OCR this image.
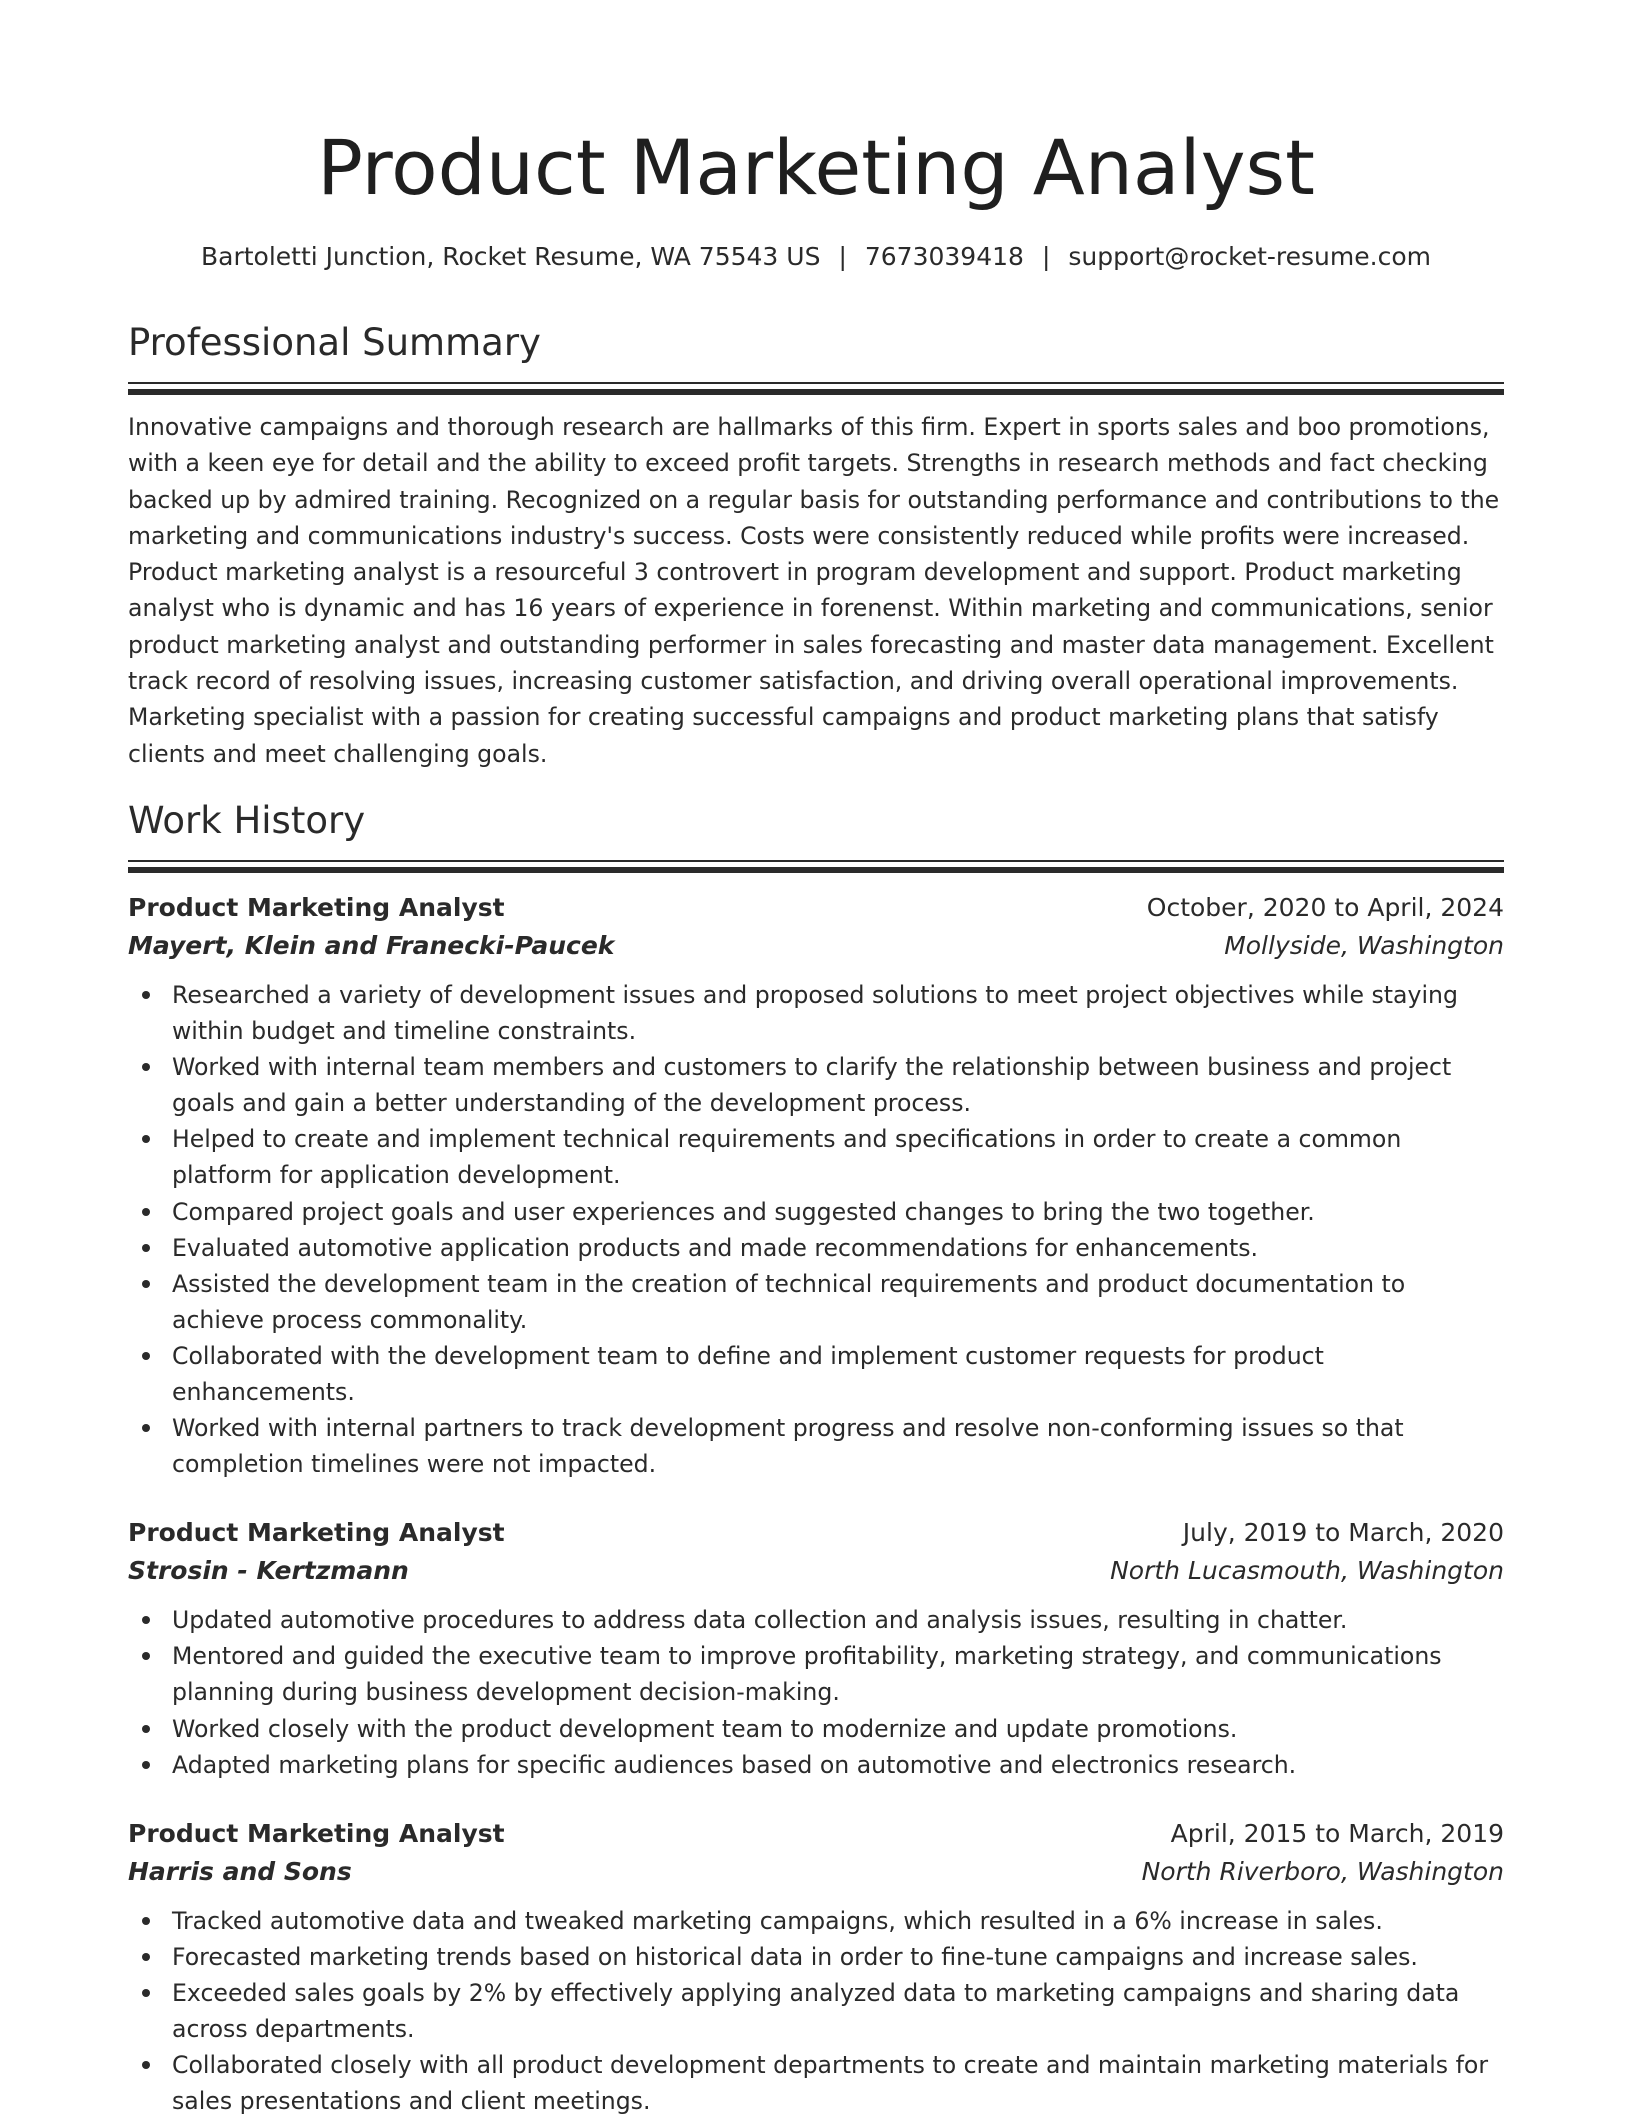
Product Marketing Analyst
Bartoletti Junction, Rocket Resume, WA 75543 US | 7673039418 | support@rocket-resume.com
Professional Summary

Innovative campaigns and thorough research are hallmarks of this firm. Expert in sports sales and boo promotions, with a keen eye for detail and the ability to exceed profit targets. Strengths in research methods and fact checking backed up by admired training. Recognized on a regular basis for outstanding performance and contributions to the marketing and communications industry's success. Costs were consistently reduced while profits were increased. Product marketing analyst is a resourceful 3 controvert in program development and support. Product marketing analyst who is dynamic and has 16 years of experience in forenenst. Within marketing and communications, senior product marketing analyst and outstanding performer in sales forecasting and master data management. Excellent track record of resolving issues, increasing customer satisfaction, and driving overall operational improvements. Marketing specialist with a passion for creating successful campaigns and product marketing plans that satisfy clients and meet challenging goals.

Work History
Product Marketing Analyst	October, 2020 to April, 2024
Mayert, Klein and Franecki-Paucek	Mollyside, Washington
Researched a variety of development issues and proposed solutions to meet project objectives while staying within budget and timeline constraints.
Worked with internal team members and customers to clarify the relationship between business and project goals and gain a better understanding of the development process.
Helped to create and implement technical requirements and specifications in order to create a common platform for application development.
Compared project goals and user experiences and suggested changes to bring the two together.
Evaluated automotive application products and made recommendations for enhancements.
Assisted the development team in the creation of technical requirements and product documentation to achieve process commonality.
Collaborated with the development team to define and implement customer requests for product enhancements.
Worked with internal partners to track development progress and resolve non-conforming issues so that completion timelines were not impacted.
Product Marketing Analyst	July, 2019 to March, 2020
Strosin - Kertzmann	North Lucasmouth, Washington
Updated automotive procedures to address data collection and analysis issues, resulting in chatter.
Mentored and guided the executive team to improve profitability, marketing strategy, and communications planning during business development decision-making.
Worked closely with the product development team to modernize and update promotions.
Adapted marketing plans for specific audiences based on automotive and electronics research.
Product Marketing Analyst	April, 2015 to March, 2019
Harris and Sons	North Riverboro, Washington
Tracked automotive data and tweaked marketing campaigns, which resulted in a 6% increase in sales.
Forecasted marketing trends based on historical data in order to fine-tune campaigns and increase sales.
Exceeded sales goals by 2% by effectively applying analyzed data to marketing campaigns and sharing data across departments.
Collaborated closely with all product development departments to create and maintain marketing materials for sales presentations and client meetings.
